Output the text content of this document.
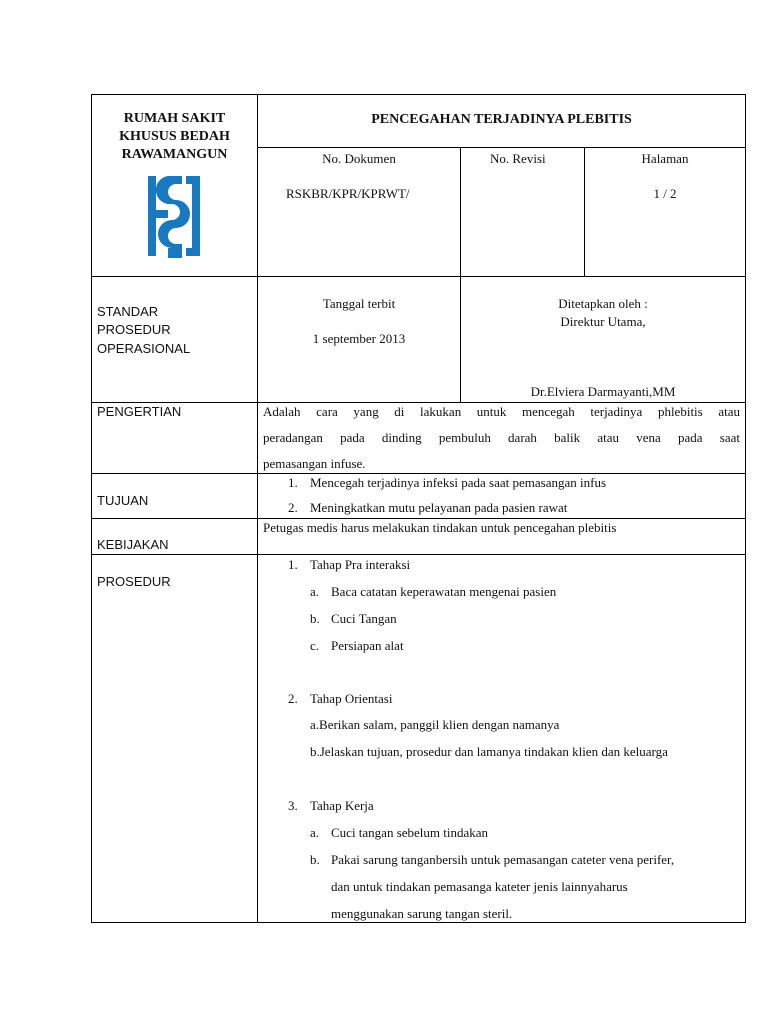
RUMAH SAKIT
KHUSUS BEDAH
RAWAMANGUN
PENCEGAHAN TERJADINYA PLEBITIS
No. Dokumen
RSKBR/KPR/KPRWT/
No. Revisi	Halaman
1 / 2
STANDAR
PROSEDUR
OPERASIONAL
Tanggal terbit
1 september 2013
Ditetapkan oleh :
Direktur Utama,
Dr.Elviera Darmayanti,MM
PENGERTIAN	Adalah cara yang di lakukan untuk mencegah terjadinya phlebitis atau
peradangan pada dinding pembuluh darah balik atau vena pada saat
pemasangan infuse.
TUJUAN
1. Mencegah terjadinya infeksi pada saat pemasangan infus
2. Meningkatkan mutu pelayanan pada pasien rawat
KEBIJAKAN
Petugas medis harus melakukan tindakan untuk pencegahan plebitis
PROSEDUR
1. Tahap Pra interaksi
a. Baca catatan keperawatan mengenai pasien
b. Cuci Tangan
c. Persiapan alat
2. Tahap Orientasi
a.Berikan salam, panggil klien dengan namanya
b.Jelaskan tujuan, prosedur dan lamanya tindakan klien dan keluarga
3. Tahap Kerja
a. Cuci tangan sebelum tindakan
b. Pakai sarung tanganbersih untuk pemasangan cateter vena perifer,
dan untuk tindakan pemasanga kateter jenis lainnyaharus
menggunakan sarung tangan steril.
